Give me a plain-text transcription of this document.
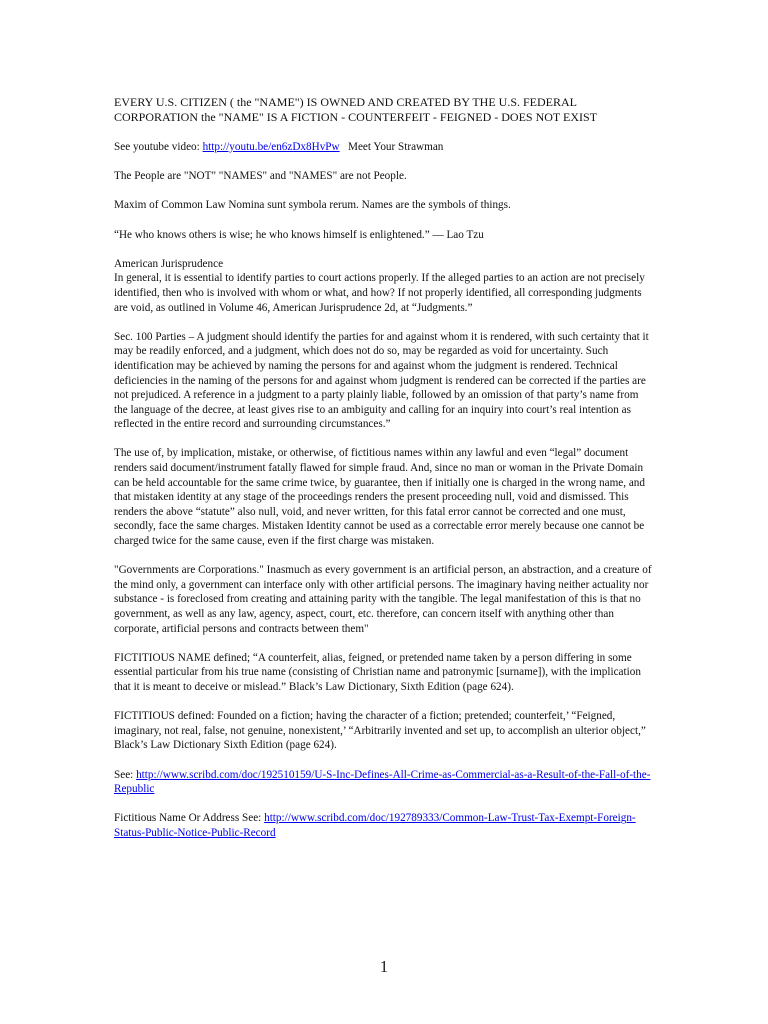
EVERY U.S. CITIZEN ( the "NAME") IS OWNED AND CREATED BY THE U.S. FEDERAL CORPORATION the "NAME" IS A FICTION - COUNTERFEIT - FEIGNED - DOES NOT EXIST

See youtube video: http://youtu.be/en6zDx8HvPw   Meet Your Strawman

The People are "NOT" "NAMES" and "NAMES" are not People.

Maxim of Common Law Nomina sunt symbola rerum. Names are the symbols of things.

“He who knows others is wise; he who knows himself is enlightened.” — Lao Tzu

American Jurisprudence
In general, it is essential to identify parties to court actions properly. If the alleged parties to an action are not precisely identified, then who is involved with whom or what, and how? If not properly identified, all corresponding judgments are void, as outlined in Volume 46, American Jurisprudence 2d, at “Judgments.”

Sec. 100 Parties – A judgment should identify the parties for and against whom it is rendered, with such certainty that it may be readily enforced, and a judgment, which does not do so, may be regarded as void for uncertainty. Such identification may be achieved by naming the persons for and against whom the judgment is rendered. Technical deficiencies in the naming of the persons for and against whom judgment is rendered can be corrected if the parties are not prejudiced. A reference in a judgment to a party plainly liable, followed by an omission of that party’s name from the language of the decree, at least gives rise to an ambiguity and calling for an inquiry into court’s real intention as reflected in the entire record and surrounding circumstances.”

The use of, by implication, mistake, or otherwise, of fictitious names within any lawful and even “legal” document renders said document/instrument fatally flawed for simple fraud. And, since no man or woman in the Private Domain can be held accountable for the same crime twice, by guarantee, then if initially one is charged in the wrong name, and that mistaken identity at any stage of the proceedings renders the present proceeding null, void and dismissed. This renders the above “statute” also null, void, and never written, for this fatal error cannot be corrected and one must, secondly, face the same charges. Mistaken Identity cannot be used as a correctable error merely because one cannot be charged twice for the same cause, even if the first charge was mistaken.

"Governments are Corporations." Inasmuch as every government is an artificial person, an abstraction, and a creature of the mind only, a government can interface only with other artificial persons. The imaginary having neither actuality nor substance - is foreclosed from creating and attaining parity with the tangible. The legal manifestation of this is that no government, as well as any law, agency, aspect, court, etc. therefore, can concern itself with anything other than corporate, artificial persons and contracts between them"

FICTITIOUS NAME defined; “A counterfeit, alias, feigned, or pretended name taken by a person differing in some essential particular from his true name (consisting of Christian name and patronymic [surname]), with the implication that it is meant to deceive or mislead.” Black’s Law Dictionary, Sixth Edition (page 624).

FICTITIOUS defined: Founded on a fiction; having the character of a fiction; pretended; counterfeit,’ “Feigned, imaginary, not real, false, not genuine, nonexistent,’ “Arbitrarily invented and set up, to accomplish an ulterior object,” Black’s Law Dictionary Sixth Edition (page 624).

See: http://www.scribd.com/doc/192510159/U-S-Inc-Defines-All-Crime-as-Commercial-as-a-Result-of-the-Fall-of-the-Republic

Fictitious Name Or Address See: http://www.scribd.com/doc/192789333/Common-Law-Trust-Tax-Exempt-Foreign-Status-Public-Notice-Public-Record

1
